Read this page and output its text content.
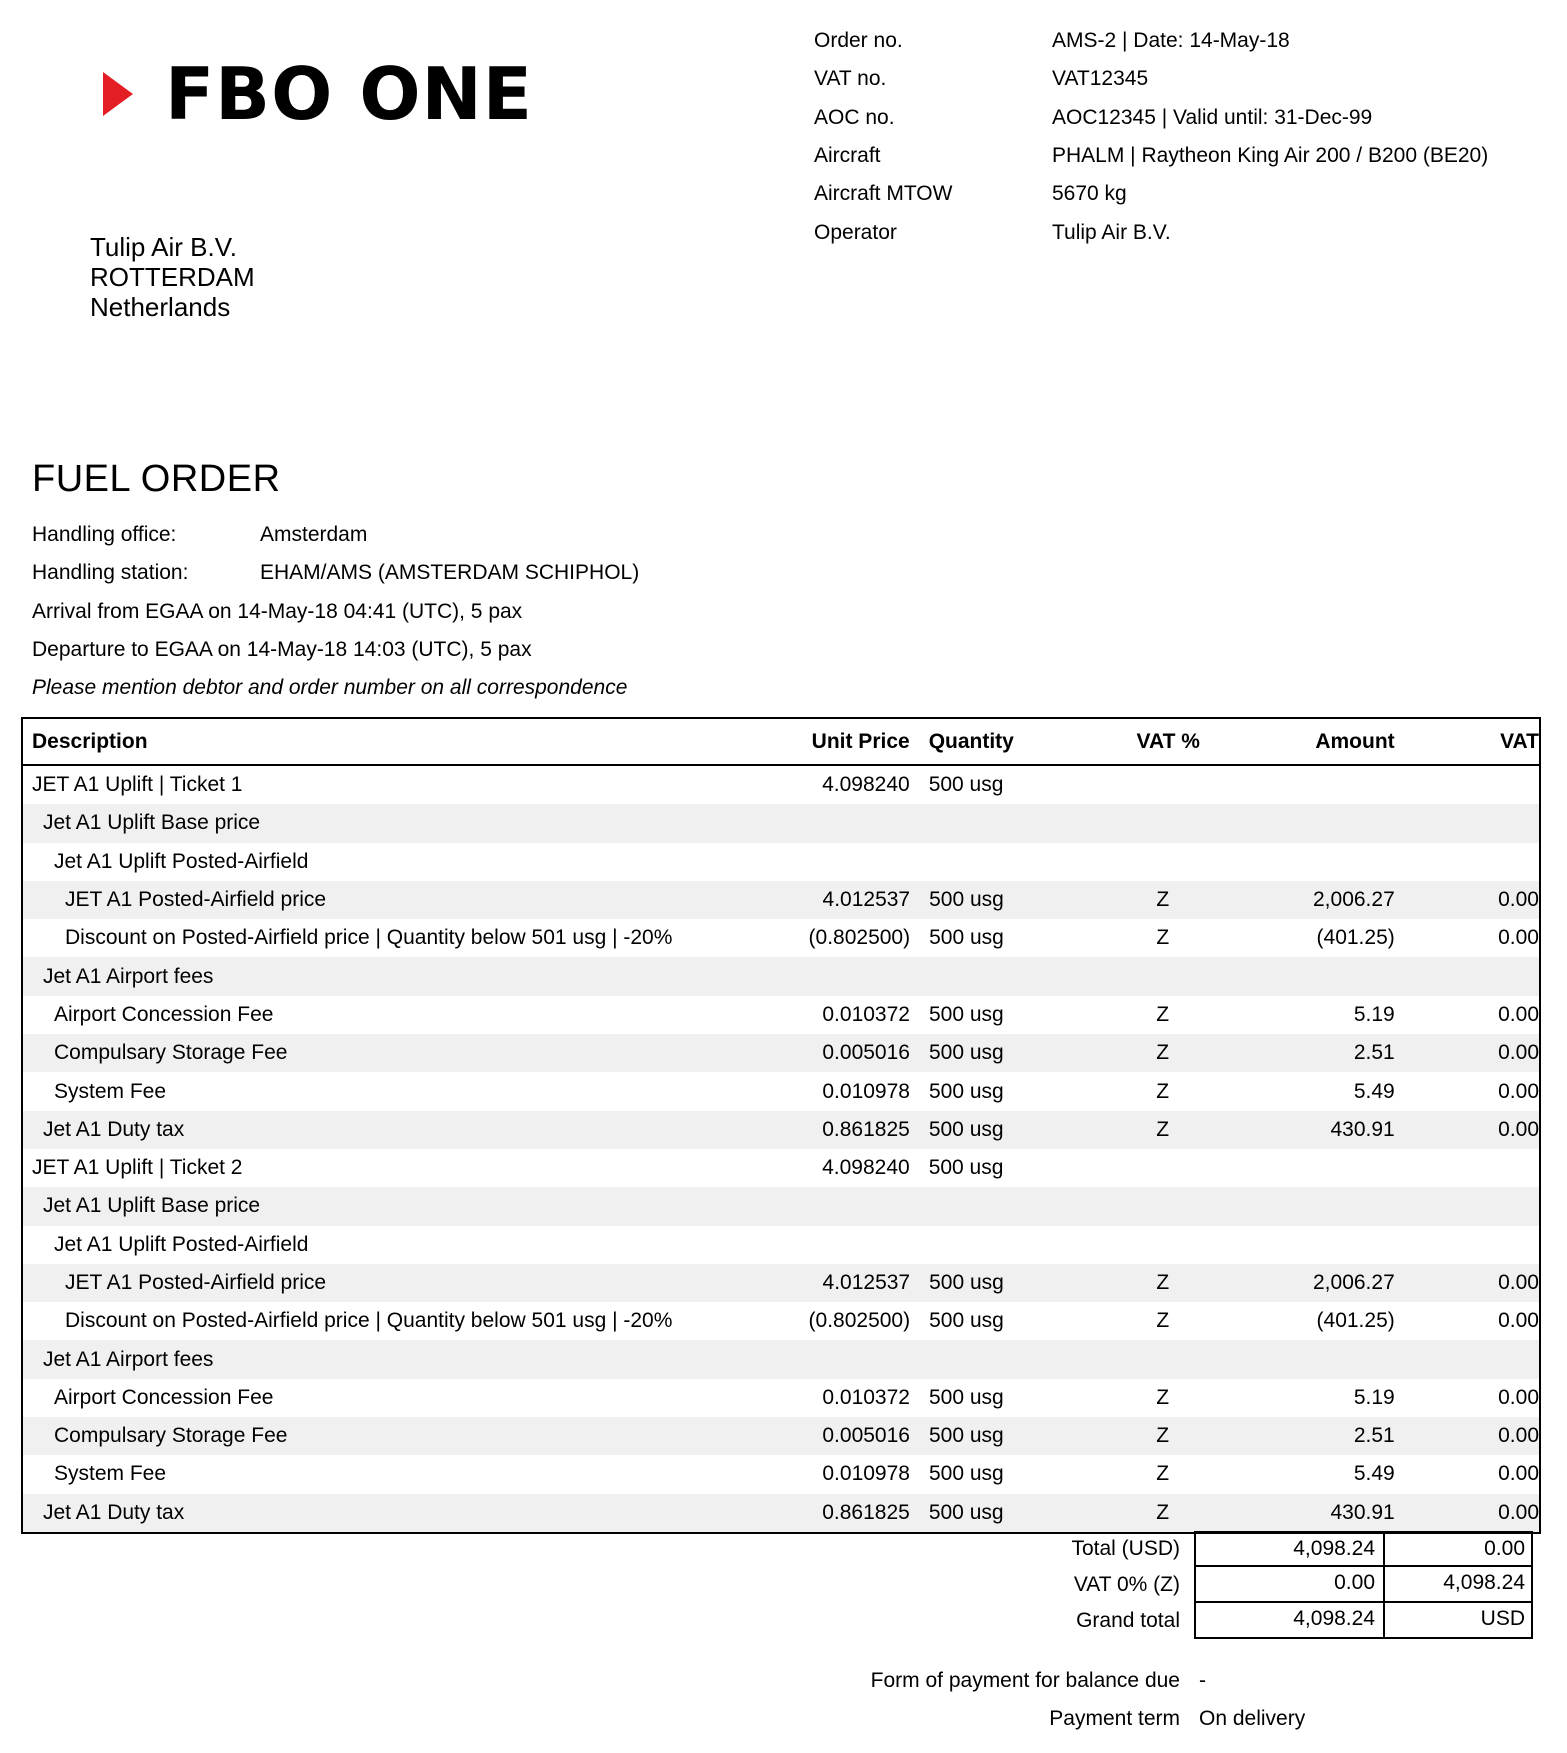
FBO ONE
Order no.	AMS-2 | Date: 14-May-18
VAT no.	VAT12345
AOC no.	AOC12345 | Valid until: 31-Dec-99
Aircraft	PHALM | Raytheon King Air 200 / B200 (BE20)
Aircraft MTOW	5670 kg
Operator	Tulip Air B.V.
Tulip Air B.V.
ROTTERDAM
Netherlands
FUEL ORDER
Handling office:	Amsterdam
Handling station:	EHAM/AMS (AMSTERDAM SCHIPHOL)
Arrival from EGAA on 14-May-18 04:41 (UTC), 5 pax
Departure to EGAA on 14-May-18 14:03 (UTC), 5 pax
Please mention debtor and order number on all correspondence
Description	Unit Price Quantity	VAT %	Amount	VAT
JET A1 Uplift | Ticket 1	4.098240 500 usg
Jet A1 Uplift Base price
Jet A1 Uplift Posted-Airfield
JET A1 Posted-Airfield price	4.012537 500 usg	Z	2,006.27	0.00
Discount on Posted-Airfield price | Quantity below 501 usg | -20%	(0.802500) 500 usg	Z	(401.25)	0.00
Jet A1 Airport fees
Airport Concession Fee	0.010372 500 usg	Z	5.19	0.00
Compulsary Storage Fee	0.005016 500 usg	Z	2.51	0.00
System Fee	0.010978 500 usg	Z	5.49	0.00
Jet A1 Duty tax	0.861825 500 usg	Z	430.91	0.00
JET A1 Uplift | Ticket 2	4.098240 500 usg
Jet A1 Uplift Base price
Jet A1 Uplift Posted-Airfield
JET A1 Posted-Airfield price	4.012537 500 usg	Z	2,006.27	0.00
Discount on Posted-Airfield price | Quantity below 501 usg | -20%	(0.802500) 500 usg	Z	(401.25)	0.00
Jet A1 Airport fees
Airport Concession Fee	0.010372 500 usg	Z	5.19	0.00
Compulsary Storage Fee	0.005016 500 usg	Z	2.51	0.00
System Fee	0.010978 500 usg	Z	5.49	0.00
Jet A1 Duty tax	0.861825 500 usg	Z	430.91	0.00
Total (USD)	4,098.24	0.00
VAT 0% (Z)	0.00	4,098.24
Grand total	4,098.24	USD
Form of payment for balance due -
Payment term On delivery
